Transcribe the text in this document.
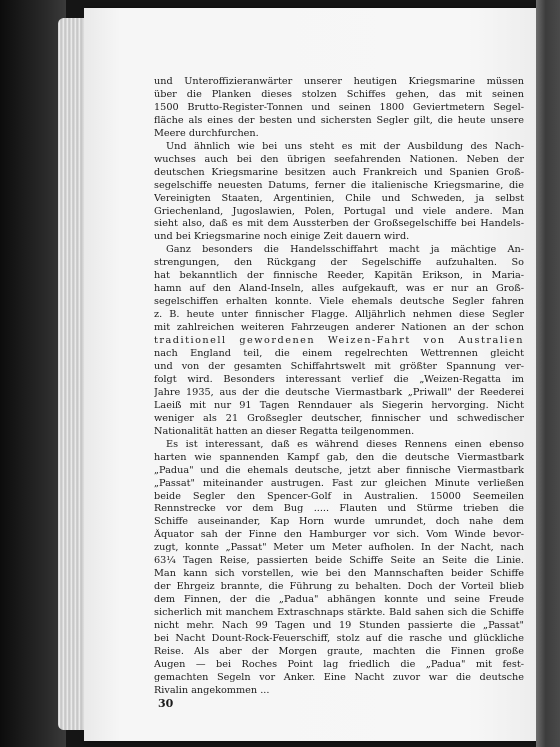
und Unteroffizieranwärter unserer heutigen Kriegsmarine müssen
über die Planken dieses stolzen Schiffes gehen, das mit seinen
1500 Brutto-Register-Tonnen und seinen 1800 Geviertmetern Segel-
fläche als eines der besten und sichersten Segler gilt, die heute unsere
Meere durchfurchen.

Und ähnlich wie bei uns steht es mit der Ausbildung des Nach-
wuchses auch bei den übrigen seefahrenden Nationen. Neben der
deutschen Kriegsmarine besitzen auch Frankreich und Spanien Groß-
segelschiffe neuesten Datums, ferner die italienische Kriegsmarine, die
Vereinigten Staaten, Argentinien, Chile und Schweden, ja selbst
Griechenland, Jugoslawien, Polen, Portugal und viele andere. Man
sieht also, daß es mit dem Aussterben der Großsegelschiffe bei Handels-
und bei Kriegsmarine noch einige Zeit dauern wird.

Ganz besonders die Handelsschiffahrt macht ja mächtige An-
strengungen, den Rückgang der Segelschiffe aufzuhalten. So
hat bekanntlich der finnische Reeder, Kapitän Erikson, in Maria-
hamn auf den Aland-Inseln, alles aufgekauft, was er nur an Groß-
segelschiffen erhalten konnte. Viele ehemals deutsche Segler fahren
z. B. heute unter finnischer Flagge. Alljährlich nehmen diese Segler
mit zahlreichen weiteren Fahrzeugen anderer Nationen an der schon
traditionell gewordenen Weizen-Fahrt von Australien
nach England teil, die einem regelrechten Wettrennen gleicht
und von der gesamten Schiffahrtswelt mit größter Spannung ver-
folgt wird. Besonders interessant verlief die „Weizen-Regatta im
Jahre 1935, aus der die deutsche Viermastbark „Priwall" der Reederei
Laeiß mit nur 91 Tagen Renndauer als Siegerin hervorging. Nicht
weniger als 21 Großsegler deutscher, finnischer und schwedischer
Nationalität hatten an dieser Regatta teilgenommen.

Es ist interessant, daß es während dieses Rennens einen ebenso
harten wie spannenden Kampf gab, den die deutsche Viermastbark
„Padua" und die ehemals deutsche, jetzt aber finnische Viermastbark
„Passat" miteinander austrugen. Fast zur gleichen Minute verließen
beide Segler den Spencer-Golf in Australien. 15000 Seemeilen
Rennstrecke vor dem Bug ..... Flauten und Stürme trieben die
Schiffe auseinander, Kap Horn wurde umrundet, doch nahe dem
Äquator sah der Finne den Hamburger vor sich. Vom Winde bevor-
zugt, konnte „Passat" Meter um Meter aufholen. In der Nacht, nach
63¼ Tagen Reise, passierten beide Schiffe Seite an Seite die Linie.
Man kann sich vorstellen, wie bei den Mannschaften beider Schiffe
der Ehrgeiz brannte, die Führung zu behalten. Doch der Vorteil blieb
dem Finnen, der die „Padua" abhängen konnte und seine Freude
sicherlich mit manchem Extraschnaps stärkte. Bald sahen sich die Schiffe
nicht mehr. Nach 99 Tagen und 19 Stunden passierte die „Passat"
bei Nacht Dount-Rock-Feuerschiff, stolz auf die rasche und glückliche
Reise. Als aber der Morgen graute, machten die Finnen große
Augen — bei Roches Point lag friedlich die „Padua" mit fest-
gemachten Segeln vor Anker. Eine Nacht zuvor war die deutsche
Rivalin angekommen ...

30
